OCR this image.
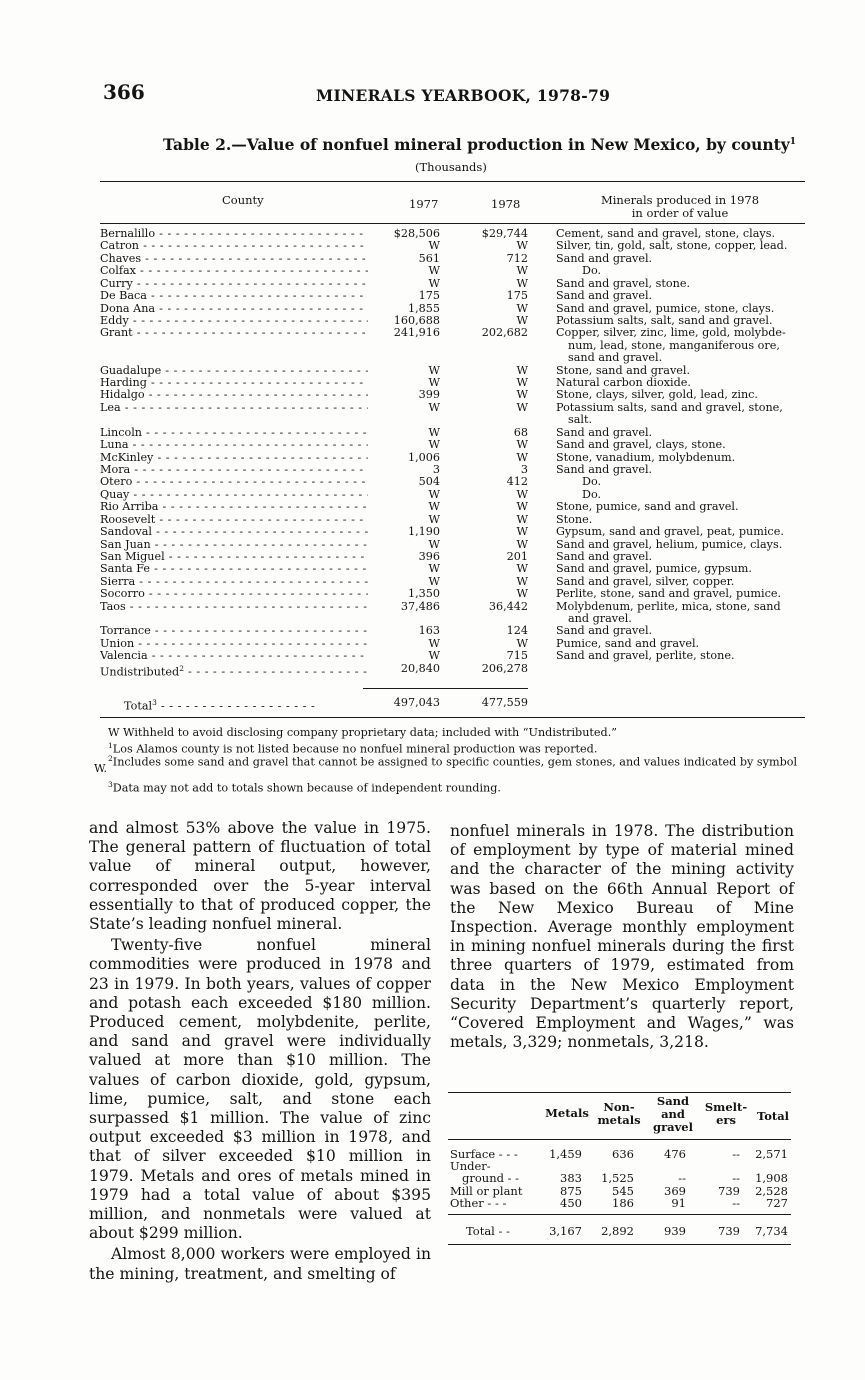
366	MINERALS YEARBOOK, 1978-79
Table 2.—Value of nonfuel mineral production in New Mexico, by county$^1$
(Thousands)
County	1977	1978	Minerals produced in 1978
in order of value
Bernalillo - - -	$28,506	$29,744	Cement, sand and gravel, stone, clays.
Catron - - -	W	W	Silver, tin, gold, salt, stone, copper, lead.
Chaves - - -	561	712	Sand and gravel.
Colfax - - -	W	W	Do.
Curry - - -	W	W	Sand and gravel, stone.
De Baca - - -	175	175	Sand and gravel.
Dona Ana - - -	1,855	W	Sand and gravel, pumice, stone, clays.
Eddy - - -	160,688	W	Potassium salts, salt, sand and gravel.
Grant - - -	241,916	202,682	Copper, silver, zinc, lime, gold, molybde-
num, lead, stone, manganiferous ore,
sand and gravel.
Guadalupe - - -	W	W	Stone, sand and gravel.
Harding - - -	W	W	Natural carbon dioxide.
Hidalgo - - -	399	W	Stone, clays, silver, gold, lead, zinc.
Lea - - -	W	W	Potassium salts, sand and gravel, stone,
salt.
Lincoln - - -	W	68	Sand and gravel.
Luna - - -	W	W	Sand and gravel, clays, stone.
McKinley - - -	1,006	W	Stone, vanadium, molybdenum.
Mora - - -	3	3	Sand and gravel.
Otero - - -	504	412	Do.
Quay - - -	W	W	Do.
Rio Arriba - - -	W	W	Stone, pumice, sand and gravel.
Roosevelt - - -	W	W	Stone.
Sandoval - - -	1,190	W	Gypsum, sand and gravel, peat, pumice.
San Juan - - -	W	W	Sand and gravel, helium, pumice, clays.
San Miguel - - -	396	201	Sand and gravel.
Santa Fe - - -	W	W	Sand and gravel, pumice, gypsum.
Sierra - - -	W	W	Sand and gravel, silver, copper.
Socorro - - -	1,350	W	Perlite, stone, sand and gravel, pumice.
Taos - - -	37,486	36,442	Molybdenum, perlite, mica, stone, sand
and gravel.
Torrance - - -	163	124	Sand and gravel.
Union - - -	W	W	Pumice, sand and gravel.
Valencia - - -	W	715	Sand and gravel, perlite, stone.
Undistributed$^2$ - - -	20,840	206,278
Total$^3$ - - - - - - - - - - - - - - - - - - -	497,043	477,559
W Withheld to avoid disclosing company proprietary data; included with “Undistributed.”
$^1$Los Alamos county is not listed because no nonfuel mineral production was reported.
$^2$Includes some sand and gravel that cannot be assigned to specific counties, gem stones, and values indicated by symbol
W.
$^3$Data may not add to totals shown because of independent rounding.

and almost 53% above the value in 1975. The general pattern of fluctuation of total value of mineral output, however, corresponded over the 5-year interval essentially to that of produced copper, the State’s leading nonfuel mineral.

Twenty-five nonfuel mineral commodities were produced in 1978 and 23 in 1979. In both years, values of copper and potash each exceeded $180 million. Produced cement, molybdenite, perlite, and sand and gravel were individually valued at more than $10 million. The values of carbon dioxide, gold, gypsum, lime, pumice, salt, and stone each surpassed $1 million. The value of zinc output exceeded $3 million in 1978, and that of silver exceeded $10 million in 1979. Metals and ores of metals mined in 1979 had a total value of about $395 million, and nonmetals were valued at about $299 million.

Almost 8,000 workers were employed in the mining, treatment, and smelting of

nonfuel minerals in 1978. The distribution of employment by type of material mined and the character of the mining activity was based on the 66th Annual Report of the New Mexico Bureau of Mine Inspection. Average monthly employment in mining nonfuel minerals during the first three quarters of 1979, estimated from data in the New Mexico Employment Security Department’s quarterly report, “Covered Employment and Wages,” was metals, 3,329; nonmetals, 3,218.

Metals	Non-
metals
Sand
and
gravel
Smelt-
ers	Total
Surface - - -	1,459	636	476	--	2,571
Under-
ground - -	383	1,525	--	--	1,908
Mill or plant	875	545	369	739	2,528
Other - - -	450	186	91	--	727
Total - -	3,167	2,892	939	739	7,734
